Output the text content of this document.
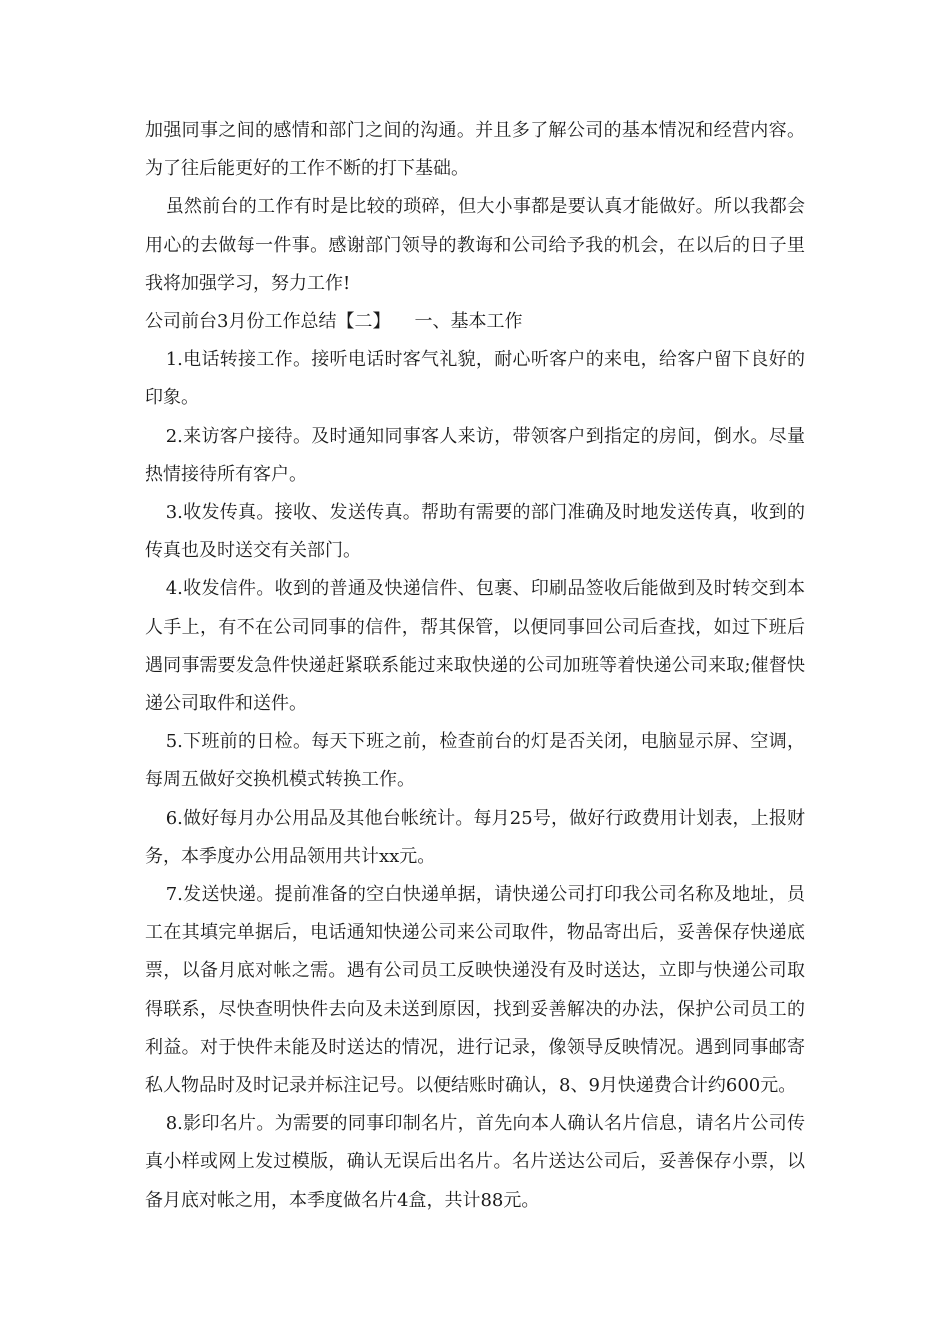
加强同事之间的感情和部门之间的沟通。并且多了解公司的基本情况和经营内容。为了往后能更好的工作不断的打下基础。

虽然前台的工作有时是比较的琐碎，但大小事都是要认真才能做好。所以我都会用心的去做每一件事。感谢部门领导的教诲和公司给予我的机会，在以后的日子里我将加强学习，努力工作!

公司前台3月份工作总结【二】 一、基本工作

1.电话转接工作。接听电话时客气礼貌，耐心听客户的来电，给客户留下良好的印象。

2.来访客户接待。及时通知同事客人来访，带领客户到指定的房间，倒水。尽量热情接待所有客户。

3.收发传真。接收、发送传真。帮助有需要的部门准确及时地发送传真，收到的传真也及时送交有关部门。

4.收发信件。收到的普通及快递信件、包裹、印刷品签收后能做到及时转交到本人手上，有不在公司同事的信件，帮其保管，以便同事回公司后查找，如过下班后遇同事需要发急件快递赶紧联系能过来取快递的公司加班等着快递公司来取;催督快递公司取件和送件。

5.下班前的日检。每天下班之前，检查前台的灯是否关闭，电脑显示屏、空调，每周五做好交换机模式转换工作。

6.做好每月办公用品及其他台帐统计。每月25号，做好行政费用计划表，上报财务，本季度办公用品领用共计xx元。

7.发送快递。提前准备的空白快递单据，请快递公司打印我公司名称及地址，员工在其填完单据后，电话通知快递公司来公司取件，物品寄出后，妥善保存快递底票，以备月底对帐之需。遇有公司员工反映快递没有及时送达，立即与快递公司取得联系，尽快查明快件去向及未送到原因，找到妥善解决的办法，保护公司员工的利益。对于快件未能及时送达的情况，进行记录，像领导反映情况。遇到同事邮寄私人物品时及时记录并标注记号。以便结账时确认，8、9月快递费合计约600元。

8.影印名片。为需要的同事印制名片，首先向本人确认名片信息，请名片公司传真小样或网上发过模版，确认无误后出名片。名片送达公司后，妥善保存小票，以备月底对帐之用，本季度做名片4盒，共计88元。
